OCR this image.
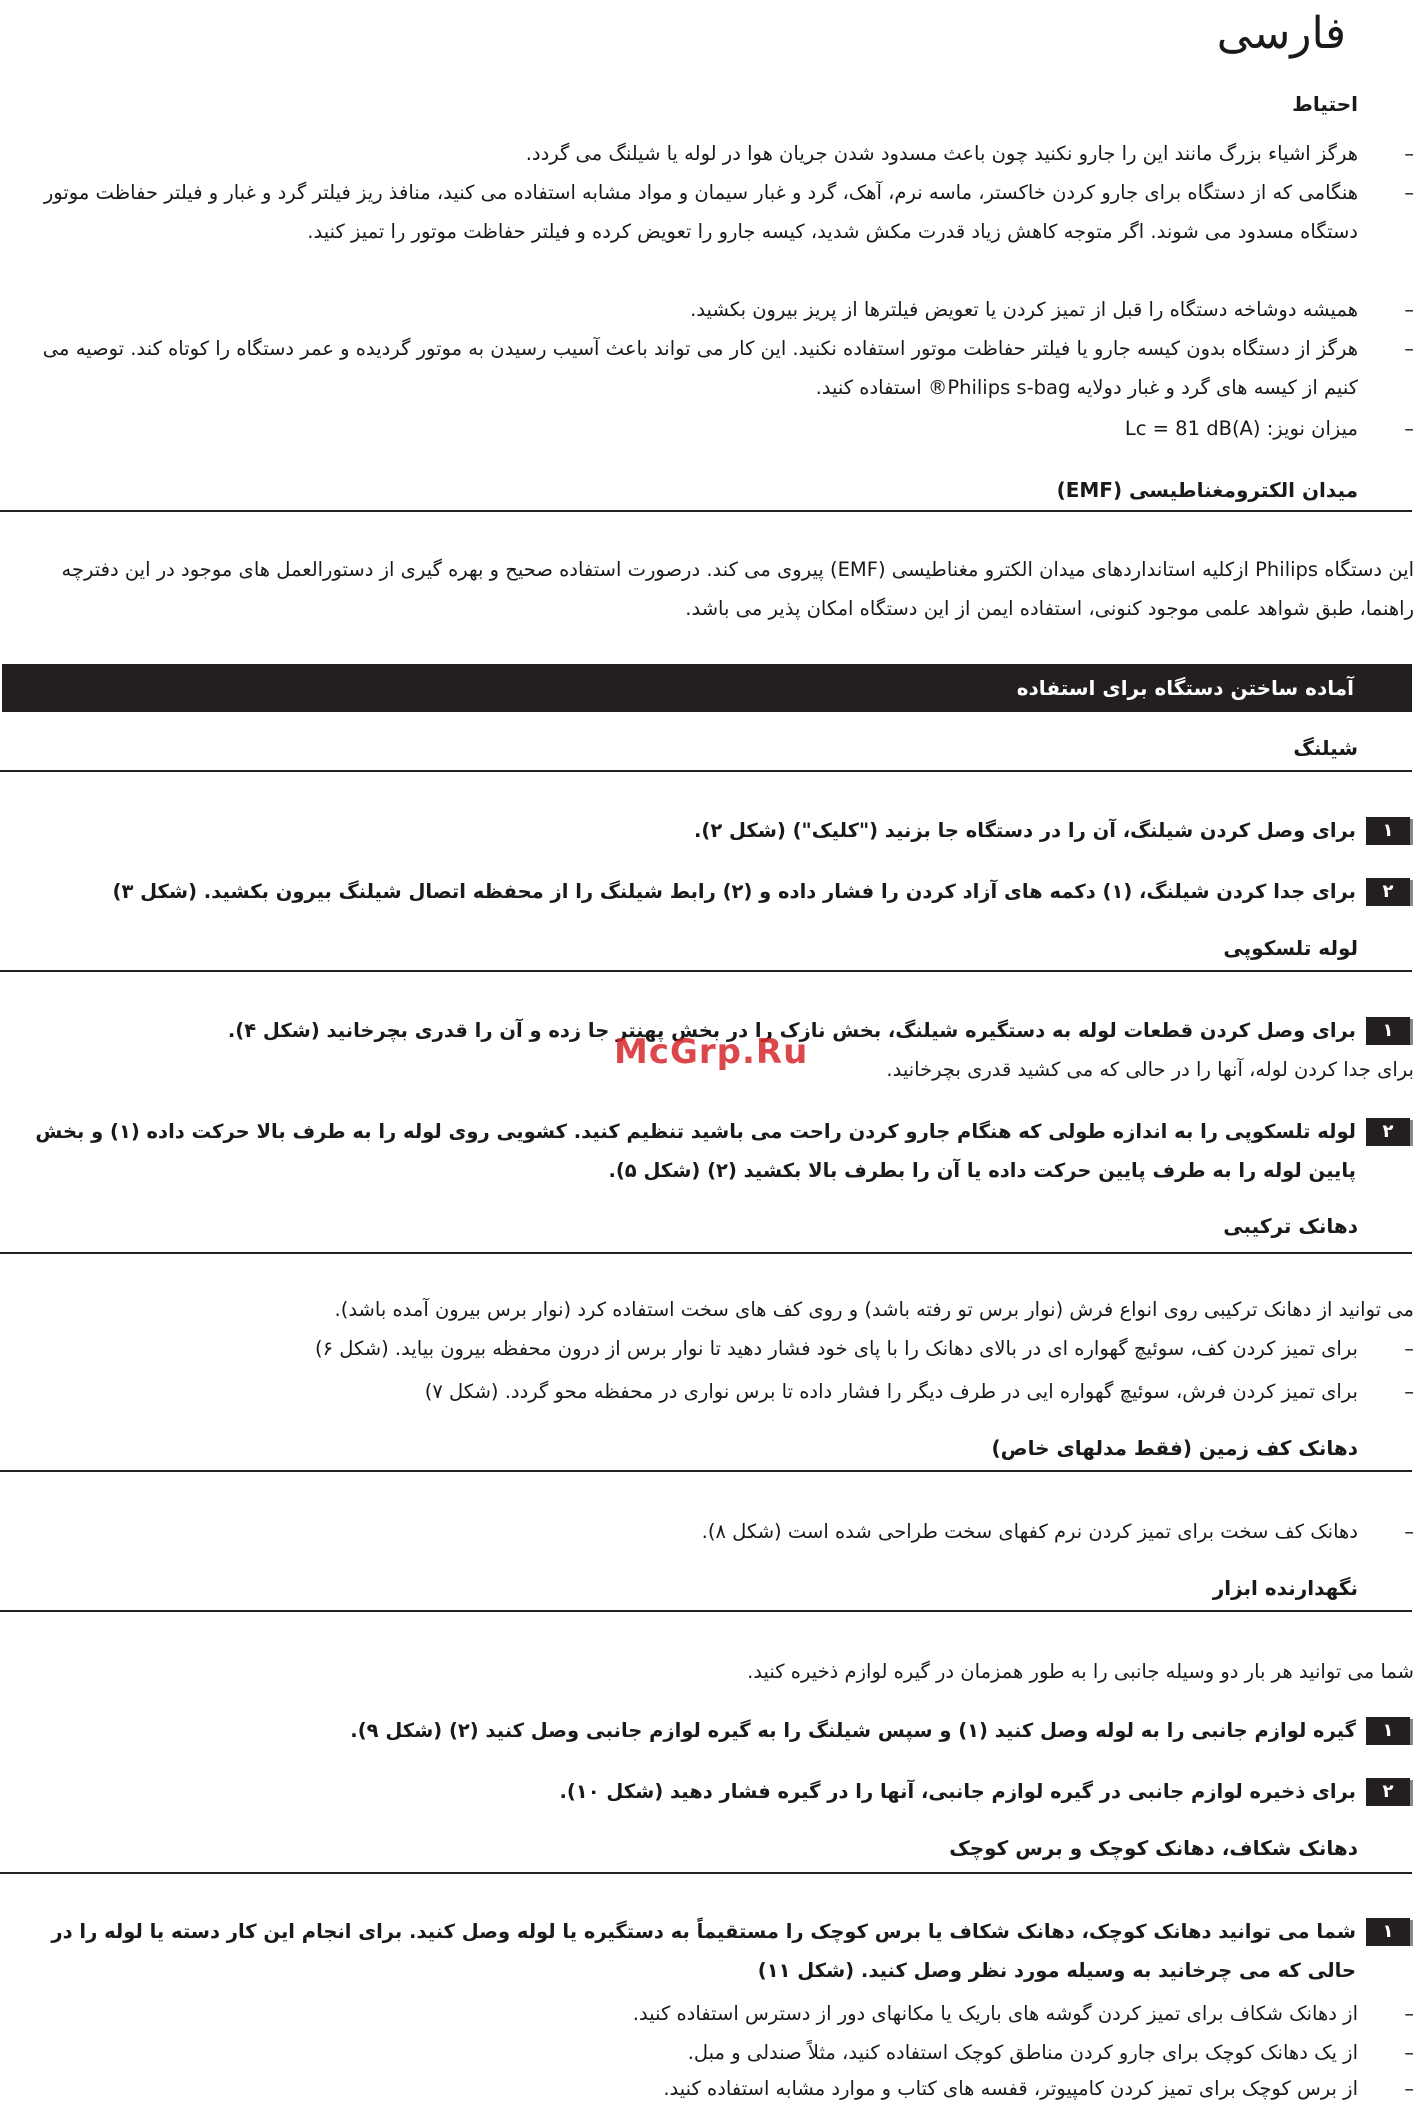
فارسی
احتیاط
–

هرگز اشیاء بزرگ مانند این را جارو نکنید چون باعث مسدود شدن جریان هوا در لوله یا شیلنگ می گردد.

–

هنگامی که از دستگاه برای جارو کردن خاکستر، ماسه نرم، آهک، گرد و غبار سیمان و مواد مشابه استفاده می کنید، منافذ ریز فیلتر گرد و غبار و فیلتر حفاظت موتور دستگاه مسدود می شوند. اگر متوجه کاهش زیاد قدرت مکش شدید، کیسه جارو را تعویض کرده و فیلتر حفاظت موتور را تمیز کنید.

–

همیشه دوشاخه دستگاه را قبل از تمیز کردن یا تعویض فیلترها از پریز بیرون بکشید.

–

هرگز از دستگاه بدون کیسه جارو یا فیلتر حفاظت موتور استفاده نکنید. این کار می تواند باعث آسیب رسیدن به موتور گردیده و عمر دستگاه را کوتاه کند. توصیه می کنیم از کیسه های گرد و غبار دولایه Philips s-bag® استفاده کنید.

–

میزان نویز: Lc = 81 dB(A)

میدان الکترومغناطیسی (EMF)

این دستگاه Philips ازکلیه استانداردهای میدان الکترو مغناطیسی (EMF) پیروی می کند. درصورت استفاده صحیح و بهره گیری از دستورالعمل های موجود در این دفترچه راهنما، طبق شواهد علمی موجود کنونی، استفاده ایمن از این دستگاه امکان پذیر می باشد.

آماده ساختن دستگاه برای استفاده
شیلنگ
۱
برای وصل کردن شیلنگ، آن را در دستگاه جا بزنید ("کلیک") (شکل ۲).
۲
برای جدا کردن شیلنگ، (۱) دکمه های آزاد کردن را فشار داده و (۲) رابط شیلنگ را از محفظه اتصال شیلنگ بیرون بکشید. (شکل ۳)
لوله تلسکوپی
۱
برای وصل کردن قطعات لوله به دستگیره شیلنگ، بخش نازک را در بخش پهنتر جا زده و آن را قدری بچرخانید (شکل ۴).

برای جدا کردن لوله، آنها را در حالی که می کشید قدری بچرخانید.

۲
لوله تلسکوپی را به اندازه طولی که هنگام جارو کردن راحت می باشید تنظیم کنید. کشویی روی لوله را به طرف بالا حرکت داده (۱) و بخش پایین لوله را به طرف پایین حرکت داده یا آن را بطرف بالا بکشید (۲) (شکل ۵).
دهانک ترکیبی

می توانید از دهانک ترکیبی روی انواع فرش (نوار برس تو رفته باشد) و روی کف های سخت استفاده کرد (نوار برس بیرون آمده باشد).

–

برای تمیز کردن کف، سوئیچ گهواره ای در بالای دهانک را با پای خود فشار دهید تا نوار برس از درون محفظه بیرون بیاید. (شکل ۶)

–

برای تمیز کردن فرش، سوئیچ گهواره ایی در طرف دیگر را فشار داده تا برس نواری در محفظه محو گردد. (شکل ۷)

دهانک کف زمین (فقط مدلهای خاص)
–

دهانک کف سخت برای تمیز کردن نرم کفهای سخت طراحی شده است (شکل ۸).

نگهدارنده ابزار

شما می توانید هر بار دو وسیله جانبی را به طور همزمان در گیره لوازم ذخیره کنید.

۱
گیره لوازم جانبی را به لوله وصل کنید (۱) و سپس شیلنگ را به گیره لوازم جانبی وصل کنید (۲) (شکل ۹).
۲
برای ذخیره لوازم جانبی در گیره لوازم جانبی، آنها را در گیره فشار دهید (شکل ۱۰).
دهانک شکاف، دهانک کوچک و برس کوچک
۱
شما می توانید دهانک کوچک، دهانک شکاف یا برس کوچک را مستقیماً به دستگیره یا لوله وصل کنید. برای انجام این کار دسته یا لوله را در حالی که می چرخانید به وسیله مورد نظر وصل کنید. (شکل ۱۱)
–

از دهانک شکاف برای تمیز کردن گوشه های باریک یا مکانهای دور از دسترس استفاده کنید.

–

از یک دهانک کوچک برای جارو کردن مناطق کوچک استفاده کنید، مثلاً صندلی و مبل.

–

از برس کوچک برای تمیز کردن کامپیوتر، قفسه های کتاب و موارد مشابه استفاده کنید.

McGrp.Ru
